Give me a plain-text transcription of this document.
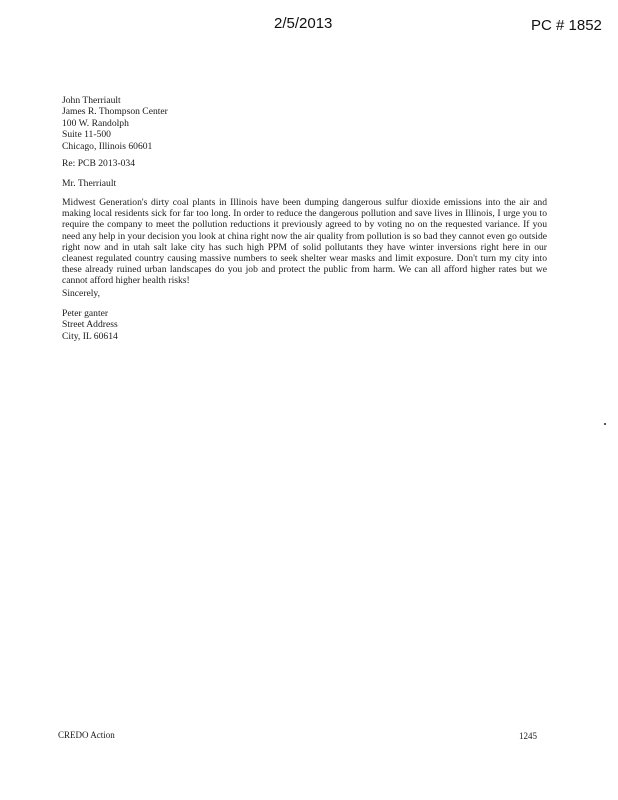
2/5/2013	PC # 1852
John Therriault
James R. Thompson Center
100 W. Randolph
Suite 11-500
Chicago, Illinois 60601
Re: PCB 2013-034
Mr. Therriault
Midwest Generation's dirty coal plants in Illinois have been dumping dangerous sulfur dioxide emissions into the air and making local residents sick for far too long. In order to reduce the dangerous pollution and save lives in Illinois, I urge you to require the company to meet the pollution reductions it previously agreed to by voting no on the requested variance. If you need any help in your decision you look at china right now the air quality from pollution is so bad they cannot even go outside right now and in utah salt lake city has such high PPM of solid pollutants they have winter inversions right here in our cleanest regulated country causing massive numbers to seek shelter wear masks and limit exposure. Don't turn my city into these already ruined urban landscapes do you job and protect the public from harm. We can all afford higher rates but we cannot afford higher health risks!
Sincerely,
Peter ganter
Street Address
City, IL 60614
CREDO Action	1245
